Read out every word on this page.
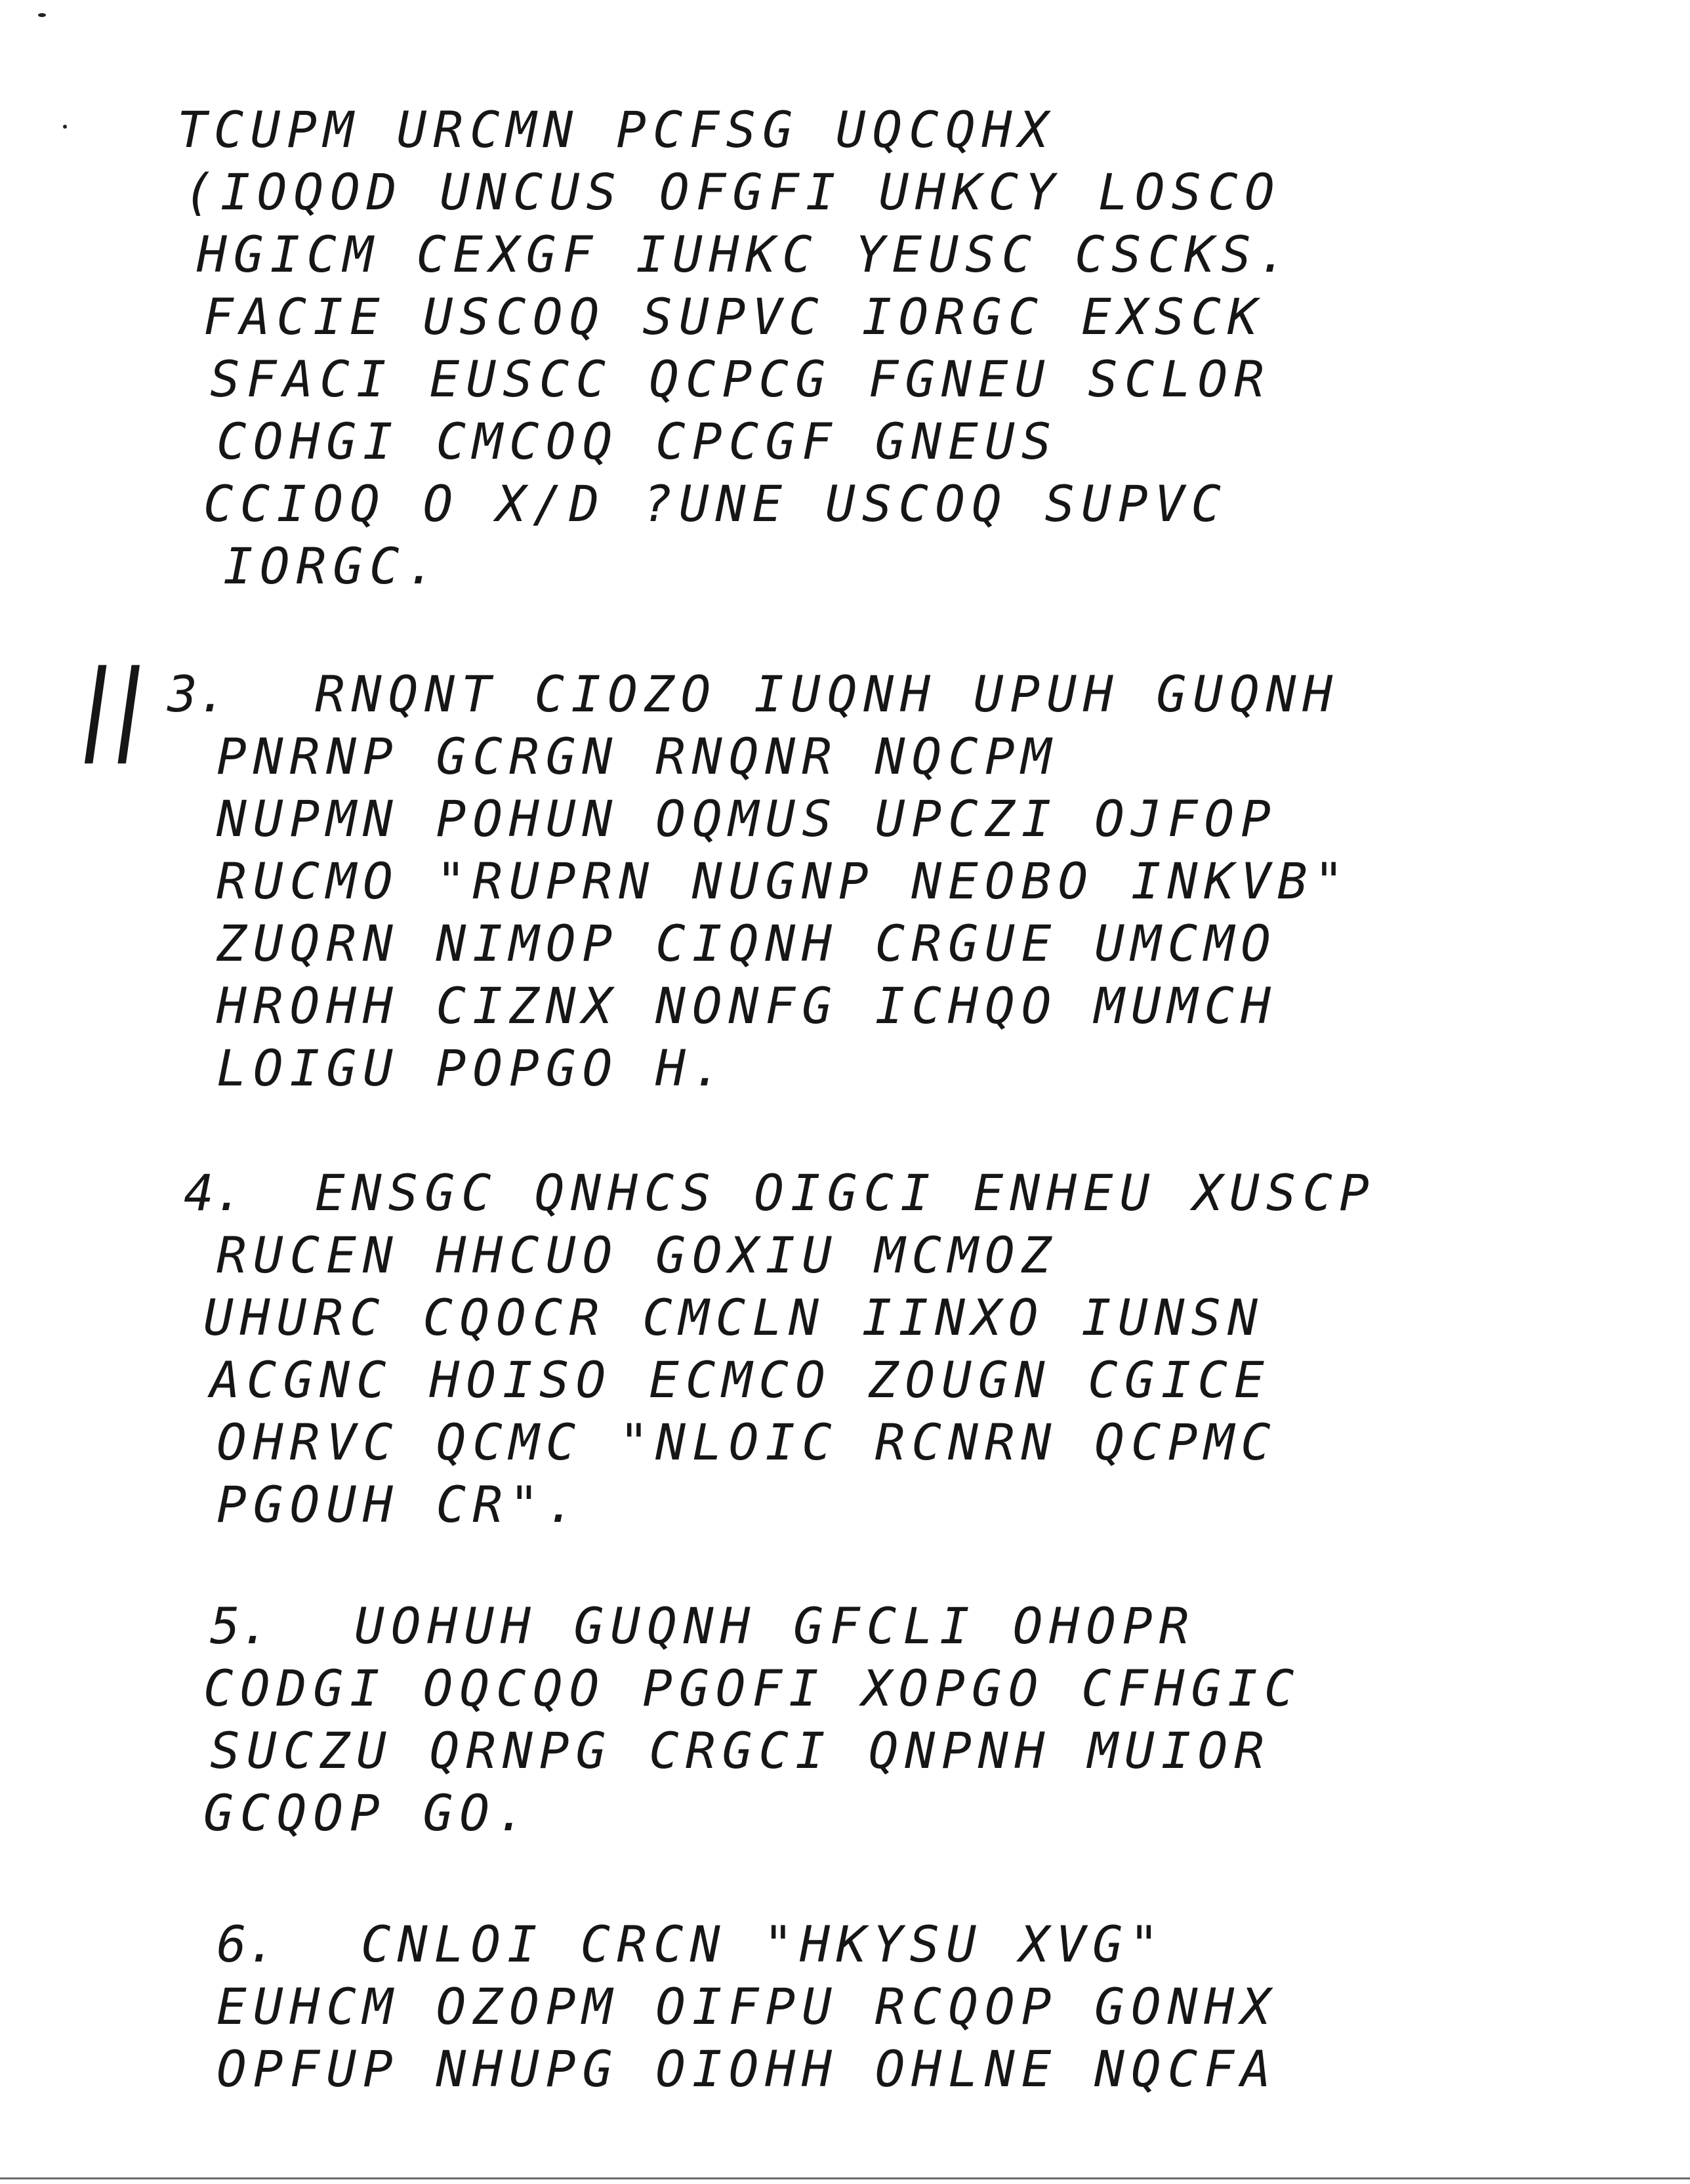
||
TCUPM URCMN PCFSG UQCQHX
(IOQOD UNCUS OFGFI UHKCY LOSCO
HGICM CEXGF IUHKC YEUSC CSCKS.
FACIE USCOQ SUPVC IORGC EXSCK
SFACI EUSCC QCPCG FGNEU SCLOR
COHGI CMCOQ CPCGF GNEUS
CCIOQ O X/D ?UNE USCOQ SUPVC
IORGC.
3. RNQNT CIOZO IUQNH UPUH GUQNH
PNRNP GCRGN RNQNR NQCPM
NUPMN POHUN OQMUS UPCZI OJFOP
RUCMO "RUPRN NUGNP NEOBO INKVB"
ZUQRN NIMOP CIQNH CRGUE UMCMO
HROHH CIZNX NONFG ICHQO MUMCH
LOIGU POPGO H.
4. ENSGC QNHCS OIGCI ENHEU XUSCP
RUCEN HHCUO GOXIU MCMOZ
UHURC CQOCR CMCLN IINXO IUNSN
ACGNC HOISO ECMCO ZOUGN CGICE
OHRVC QCMC "NLOIC RCNRN QCPMC
PGOUH CR".
5. UOHUH GUQNH GFCLI OHOPR
CODGI OQCQO PGOFI XOPGO CFHGIC
SUCZU QRNPG CRGCI QNPNH MUIOR
GCQOP GO.
6. CNLOI CRCN "HKYSU XVG"
EUHCM OZOPM OIFPU RCQOP GONHX
OPFUP NHUPG OIOHH OHLNE NQCFA
